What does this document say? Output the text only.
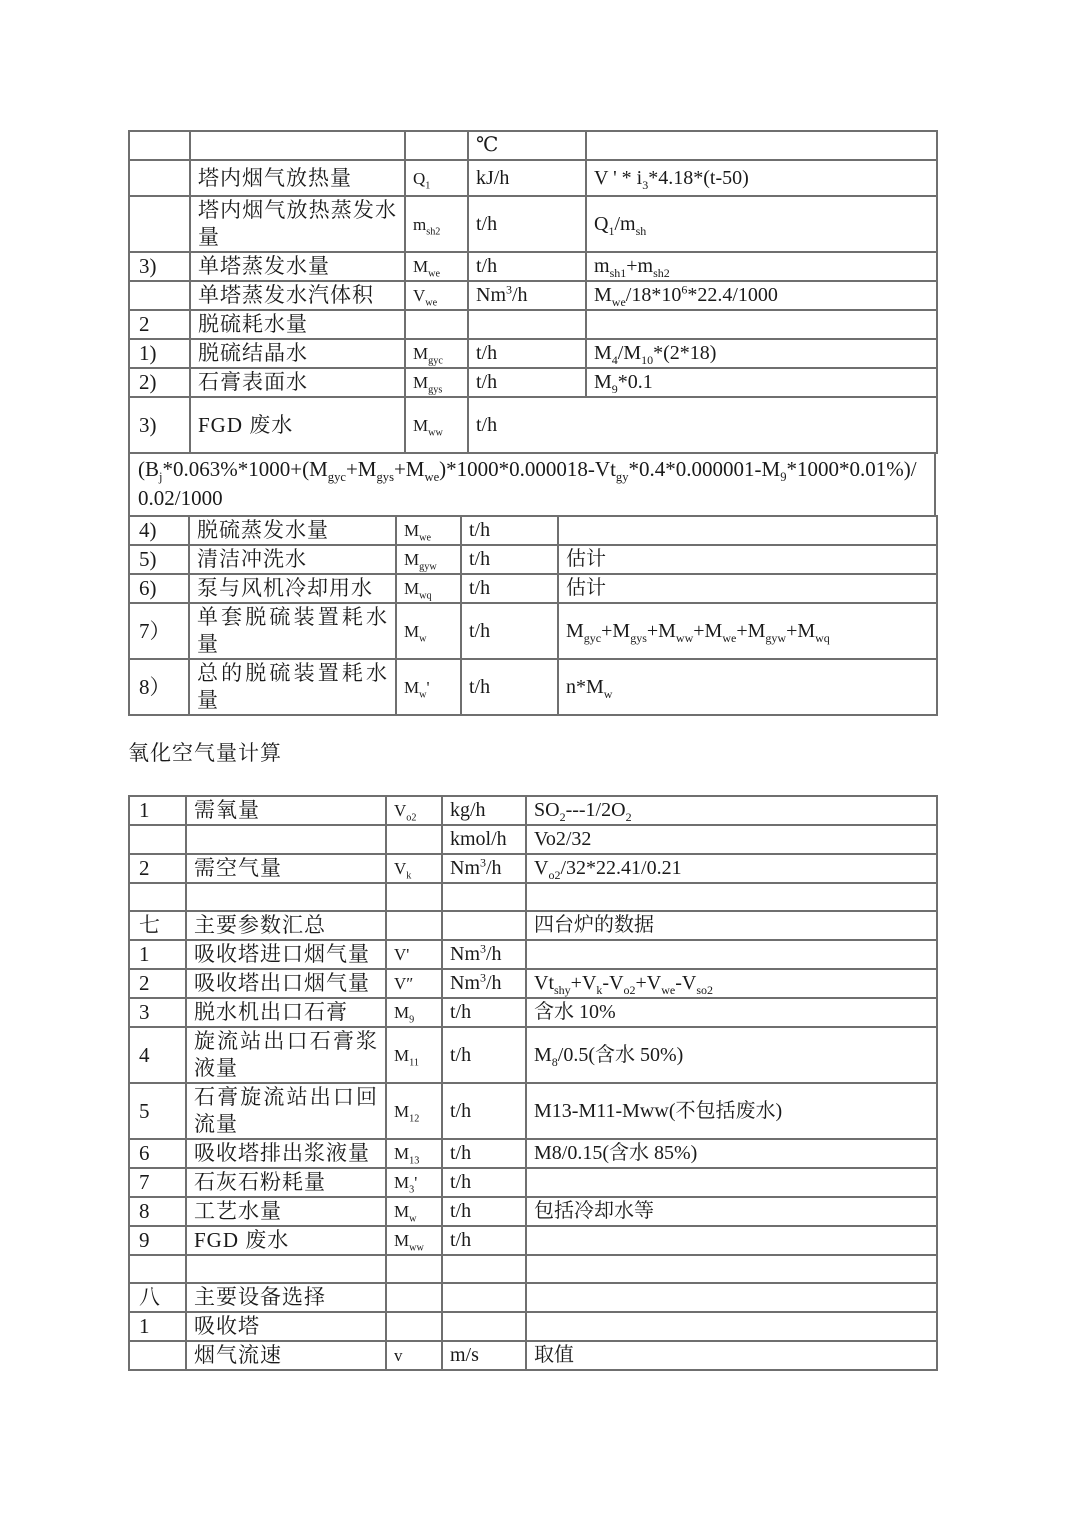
			℃	
	塔内烟气放热量	$Q_1$	kJ/h	V ' * $i_3*4.18*(t-50)$
	塔内烟气放热蒸发水量	$m_{sh2}$	t/h	$Q_1/m_{sh}$
3)	单塔蒸发水量	$M_{we}$	t/h	$m_{sh1}+m_{sh2}$
	单塔蒸发水汽体积	$V_{we}$	Nm$^3$/h	$M_{we}/18*10^6*22.4/1000$
2	脱硫耗水量			
1)	脱硫结晶水	$M_{gyc}$	t/h	$M_4/M_{10}*(2*18)$
2)	石膏表面水	$M_{gys}$	t/h	$M_9*0.1$
3)	FGD 废水	$M_{ww}$	t/h	
$(B_j*0.063\%*1000+(M_{gyc}+M_{gys}+M_{we})*1000*0.000018-Vt_{gy}*0.4*0.000001-M_9*1000*0.01\%)/0.02/1000$
4)	脱硫蒸发水量	$M_{we}$	t/h	
5)	清洁冲洗水	$M_{gyw}$	t/h	估计
6)	泵与风机冷却用水	$M_{wq}$	t/h	估计
7）	单套脱硫装置耗水量	$M_w$	t/h	$M_{gyc}+M_{gys}+M_{ww}+M_{we}+M_{gyw}+M_{wq}$
8）	总的脱硫装置耗水量	$M_w'$	t/h	$n*M_w$
氧化空气量计算
1	需氧量	$V_{o2}$	kg/h	$SO_2---1/2O_2$
			kmol/h	Vo2/32
2	需空气量	$V_k$	Nm$^3$/h	$V_{o2}/32*22.41/0.21$

七	主要参数汇总			四台炉的数据
1	吸收塔进口烟气量	V'	Nm$^3$/h	
2	吸收塔出口烟气量	V″	Nm$^3$/h	$Vt_{shy}+V_k-V_{o2}+V_{we}-V_{so2}$
3	脱水机出口石膏	$M_9$	t/h	含水 10%
4	旋流站出口石膏浆液量	$M_{11}$	t/h	$M_8/0.5$(含水 50%)
5	石膏旋流站出口回流量	$M_{12}$	t/h	M13-M11-Mww(不包括废水)
6	吸收塔排出浆液量	$M_{13}$	t/h	M8/0.15(含水 85%)
7	石灰石粉耗量	$M_3'$	t/h	
8	工艺水量	$M_w$	t/h	包括冷却水等
9	FGD 废水	$M_{ww}$	t/h	

八	主要设备选择			
1	吸收塔			
	烟气流速	v	m/s	取值
